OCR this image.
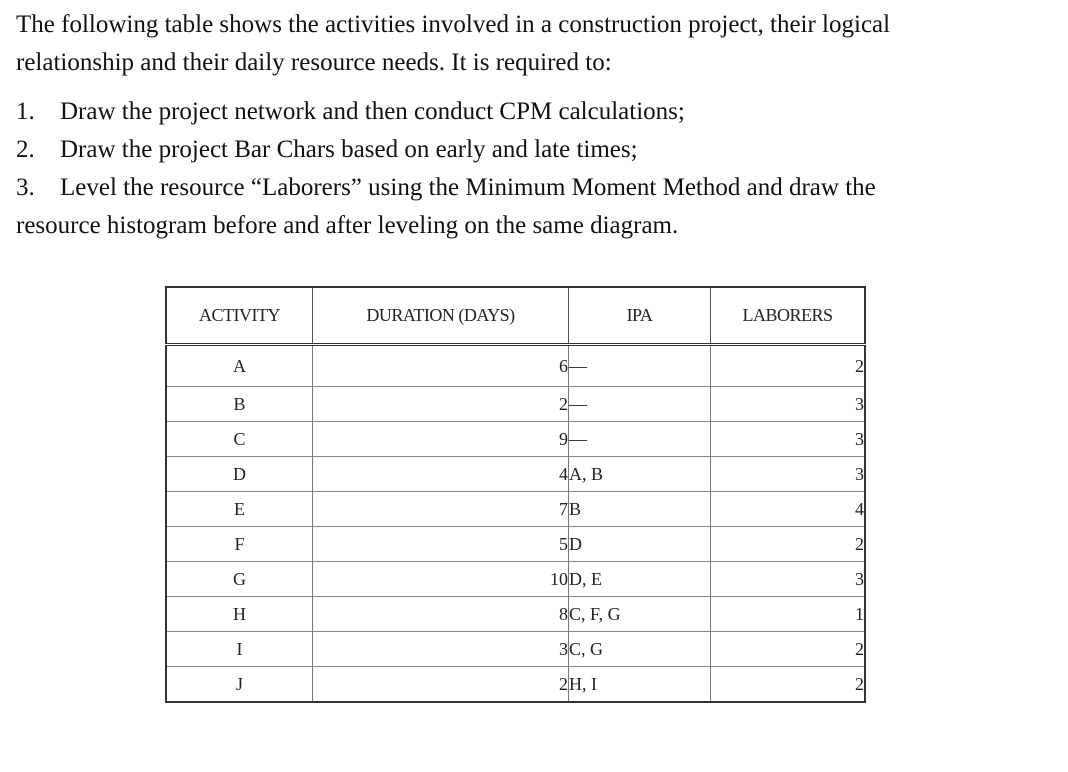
The following table shows the activities involved in a construction project, their logical
relationship and their daily resource needs. It is required to:
1. Draw the project network and then conduct CPM calculations;
2. Draw the project Bar Chars based on early and late times;
3. Level the resource “Laborers” using the Minimum Moment Method and draw the
resource histogram before and after leveling on the same diagram.
ACTIVITY	DURATION (DAYS)	IPA	LABORERS
A	6	—	2
B	2	—	3
C	9	—	3
D	4	A, B	3
E	7	B	4
F	5	D	2
G	10	D, E	3
H	8	C, F, G	1
I	3	C, G	2
J	2	H, I	2
